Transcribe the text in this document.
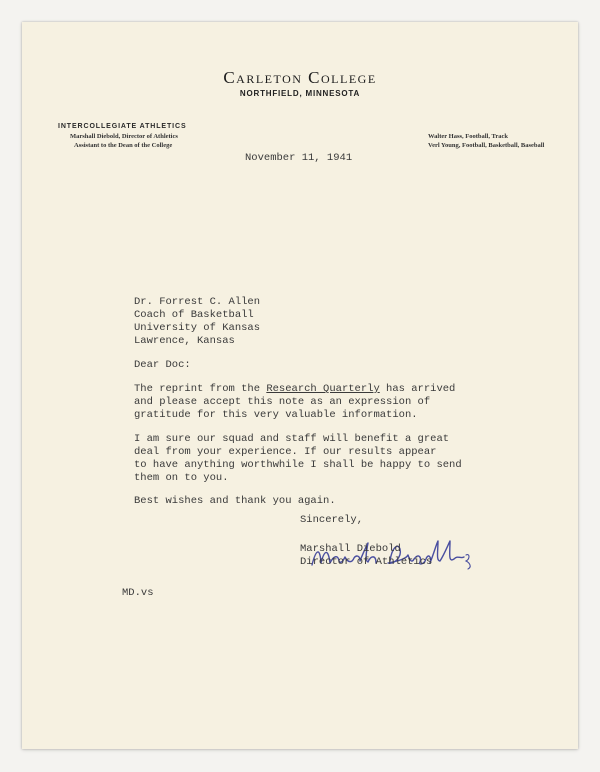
Carleton College
NORTHFIELD, MINNESOTA
INTERCOLLEGIATE ATHLETICS
Marshall Diebold, Director of Athletics
Assistant to the Dean of the College
Walter Hass, Football, Track
Verl Young, Football, Basketball, Baseball
November 11, 1941
Dr. Forrest C. Allen
Coach of Basketball
University of Kansas
Lawrence, Kansas
Dear Doc:
The reprint from the Research Quarterly has arrived
and please accept this note as an expression of
gratitude for this very valuable information.
I am sure our squad and staff will benefit a great
deal from your experience. If our results appear
to have anything worthwhile I shall be happy to send
them on to you.
Best wishes and thank you again.
Sincerely,
Marshall Diebold
Director of Athletics
MD.vs
